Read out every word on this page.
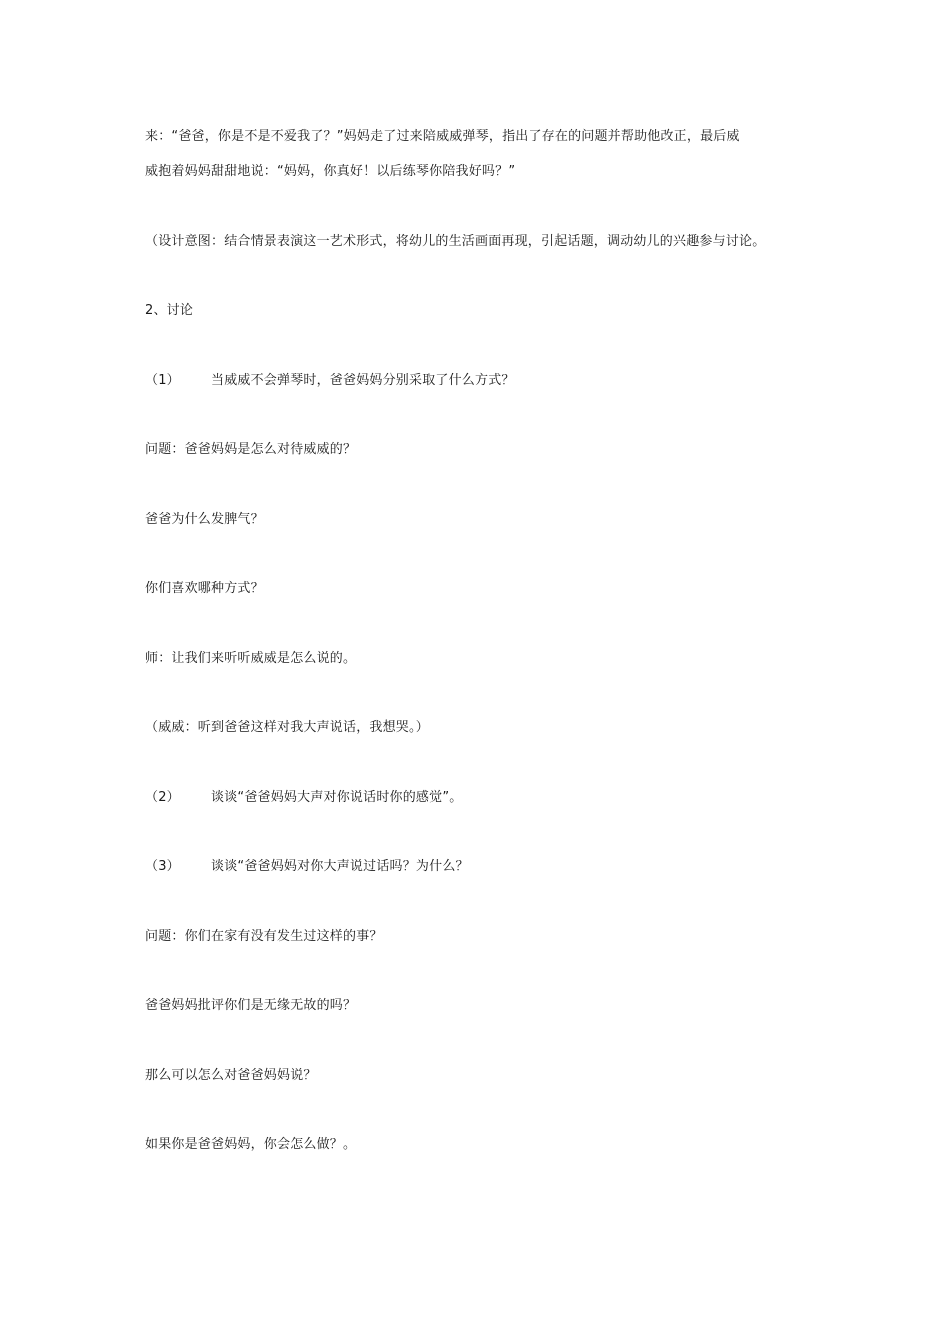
来：“爸爸，你是不是不爱我了？”妈妈走了过来陪威威弹琴，指出了存在的问题并帮助他改正，最后威
威抱着妈妈甜甜地说：“妈妈，你真好！以后练琴你陪我好吗？”
（设计意图：结合情景表演这一艺术形式，将幼儿的生活画面再现，引起话题，调动幼儿的兴趣参与讨论。
2、讨论
（1） 当威威不会弹琴时，爸爸妈妈分别采取了什么方式？
问题：爸爸妈妈是怎么对待威威的？
爸爸为什么发脾气？
你们喜欢哪种方式？
师：让我们来听听威威是怎么说的。
（威威：听到爸爸这样对我大声说话，我想哭。）
（2） 谈谈“爸爸妈妈大声对你说话时你的感觉”。
（3） 谈谈“爸爸妈妈对你大声说过话吗？为什么？
问题：你们在家有没有发生过这样的事？
爸爸妈妈批评你们是无缘无故的吗？
那么可以怎么对爸爸妈妈说？
如果你是爸爸妈妈，你会怎么做？。
